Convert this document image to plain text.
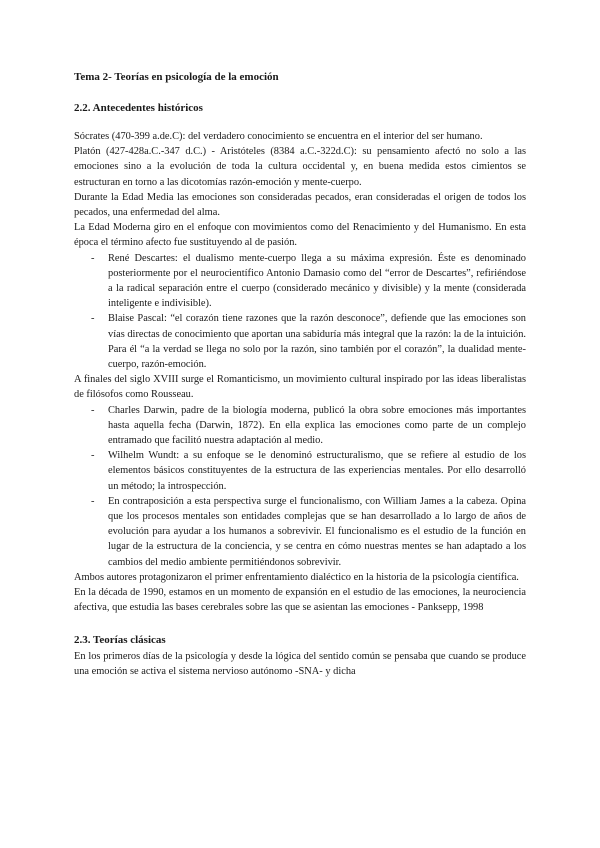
Tema 2- Teorías en psicología de la emoción
2.2. Antecedentes históricos

Sócrates (470-399 a.de.C): del verdadero conocimiento se encuentra en el interior del ser humano.

Platón (427-428a.C.-347 d.C.) - Aristóteles (8384 a.C.-322d.C): su pensamiento afectó no solo a las emociones sino a la evolución de toda la cultura occidental y, en buena medida estos cimientos se estructuran en torno a las dicotomías razón-emoción y mente-cuerpo.

Durante la Edad Media las emociones son consideradas pecados, eran consideradas el origen de todos los pecados, una enfermedad del alma.

La Edad Moderna giro en el enfoque con movimientos como del Renacimiento y del Humanismo. En esta época el término afecto fue sustituyendo al de pasión.

- René Descartes: el dualismo mente-cuerpo llega a su máxima expresión. Éste es denominado posteriormente por el neurocientífico Antonio Damasio como del “error de Descartes”, refiriéndose a la radical separación entre el cuerpo (considerado mecánico y divisible) y la mente (considerada inteligente e indivisible).
- Blaise Pascal: “el corazón tiene razones que la razón desconoce”, defiende que las emociones son vías directas de conocimiento que aportan una sabiduría más integral que la razón: la de la intuición. Para él “a la verdad se llega no solo por la razón, sino también por el corazón”, la dualidad mente-cuerpo, razón-emoción.

A finales del siglo XVIII surge el Romanticismo, un movimiento cultural inspirado por las ideas liberalistas de filósofos como Rousseau.

- Charles Darwin, padre de la biología moderna, publicó la obra sobre emociones más importantes hasta aquella fecha (Darwin, 1872). En ella explica las emociones como parte de un complejo entramado que facilitó nuestra adaptación al medio.
- Wilhelm Wundt: a su enfoque se le denominó estructuralismo, que se refiere al estudio de los elementos básicos constituyentes de la estructura de las experiencias mentales. Por ello desarrolló un método; la introspección.
- En contraposición a esta perspectiva surge el funcionalismo, con William James a la cabeza. Opina que los procesos mentales son entidades complejas que se han desarrollado a lo largo de años de evolución para ayudar a los humanos a sobrevivir. El funcionalismo es el estudio de la función en lugar de la estructura de la conciencia, y se centra en cómo nuestras mentes se han adaptado a los cambios del medio ambiente permitiéndonos sobrevivir.

Ambos autores protagonizaron el primer enfrentamiento dialéctico en la historia de la psicología científica.

En la década de 1990, estamos en un momento de expansión en el estudio de las emociones, la neurociencia afectiva, que estudia las bases cerebrales sobre las que se asientan las emociones - Panksepp, 1998

2.3. Teorías clásicas

En los primeros días de la psicología y desde la lógica del sentido común se pensaba que cuando se produce una emoción se activa el sistema nervioso autónomo -SNA- y dicha
